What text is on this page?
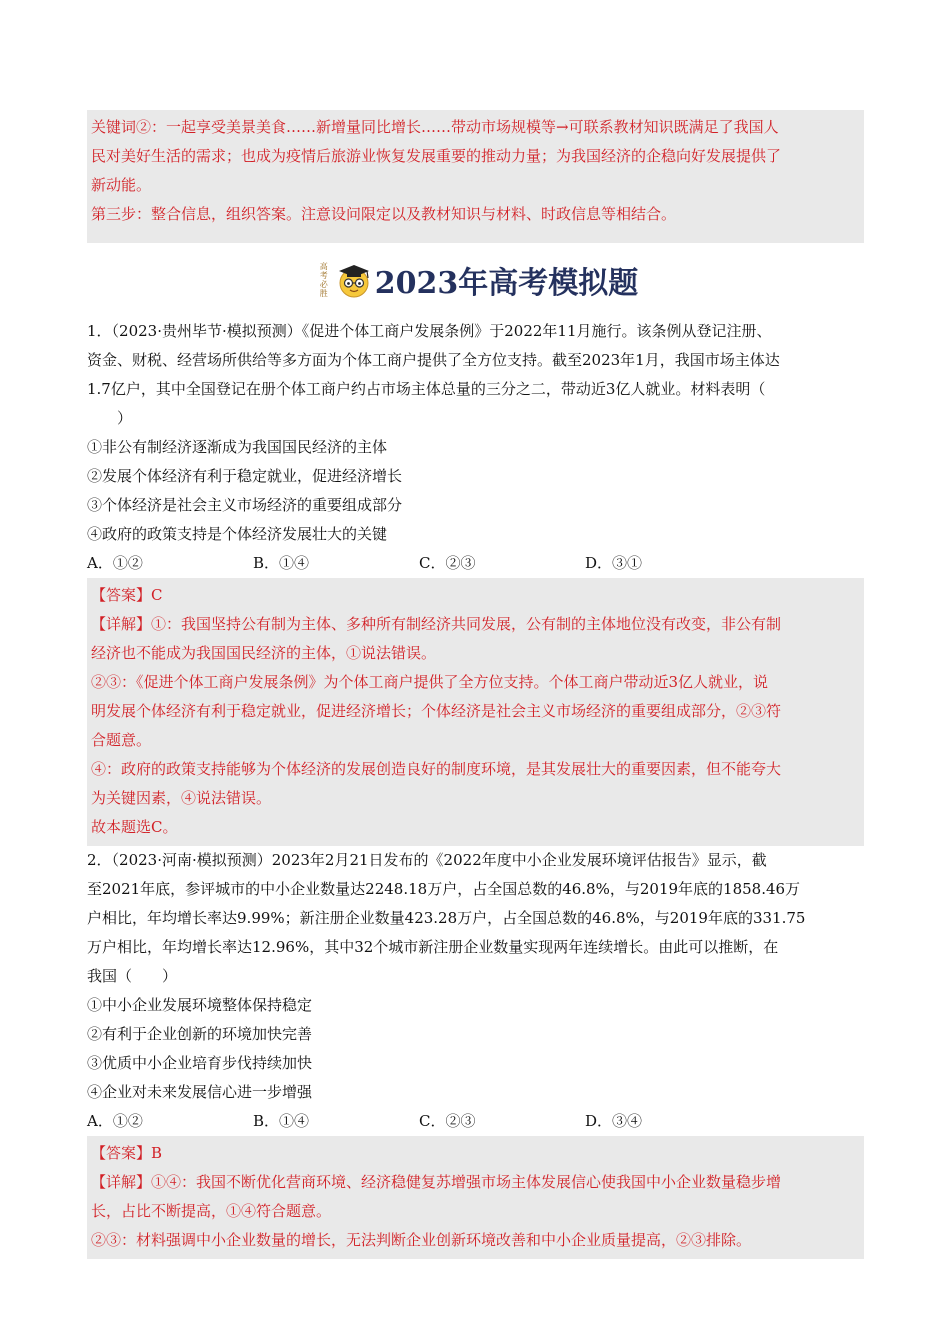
关键词②：一起享受美景美食……新增量同比增长……带动市场规模等→可联系教材知识既满足了我国人

民对美好生活的需求；也成为疫情后旅游业恢复发展重要的推动力量；为我国经济的企稳向好发展提供了

新动能。

第三步：整合信息，组织答案。注意设问限定以及教材知识与材料、时政信息等相结合。

高
考
必
胜 2023年高考模拟题

1．（2023·贵州毕节·模拟预测）《促进个体工商户发展条例》于2022年11月施行。该条例从登记注册、

资金、财税、经营场所供给等多方面为个体工商户提供了全方位支持。截至2023年1月，我国市场主体达

1.7亿户，其中全国登记在册个体工商户约占市场主体总量的三分之二，带动近3亿人就业。材料表明（

　　）

①非公有制经济逐渐成为我国国民经济的主体

②发展个体经济有利于稳定就业，促进经济增长

③个体经济是社会主义市场经济的重要组成部分

④政府的政策支持是个体经济发展壮大的关键

A．①②	B．①④	C．②③	D．③①

【答案】C

【详解】①：我国坚持公有制为主体、多种所有制经济共同发展，公有制的主体地位没有改变，非公有制

经济也不能成为我国国民经济的主体，①说法错误。

②③：《促进个体工商户发展条例》为个体工商户提供了全方位支持。个体工商户带动近3亿人就业，说

明发展个体经济有利于稳定就业，促进经济增长；个体经济是社会主义市场经济的重要组成部分，②③符

合题意。

④：政府的政策支持能够为个体经济的发展创造良好的制度环境，是其发展壮大的重要因素，但不能夸大

为关键因素，④说法错误。

故本题选C。

2．（2023·河南·模拟预测）2023年2月21日发布的《2022年度中小企业发展环境评估报告》显示，截

至2021年底，参评城市的中小企业数量达2248.18万户，占全国总数的46.8%，与2019年底的1858.46万

户相比，年均增长率达9.99%；新注册企业数量423.28万户，占全国总数的46.8%，与2019年底的331.75

万户相比，年均增长率达12.96%，其中32个城市新注册企业数量实现两年连续增长。由此可以推断，在

我国（　　）

①中小企业发展环境整体保持稳定

②有利于企业创新的环境加快完善

③优质中小企业培育步伐持续加快

④企业对未来发展信心进一步增强

A．①②	B．①④	C．②③	D．③④

【答案】B

【详解】①④：我国不断优化营商环境、经济稳健复苏增强市场主体发展信心使我国中小企业数量稳步增

长，占比不断提高，①④符合题意。

②③：材料强调中小企业数量的增长，无法判断企业创新环境改善和中小企业质量提高，②③排除。
